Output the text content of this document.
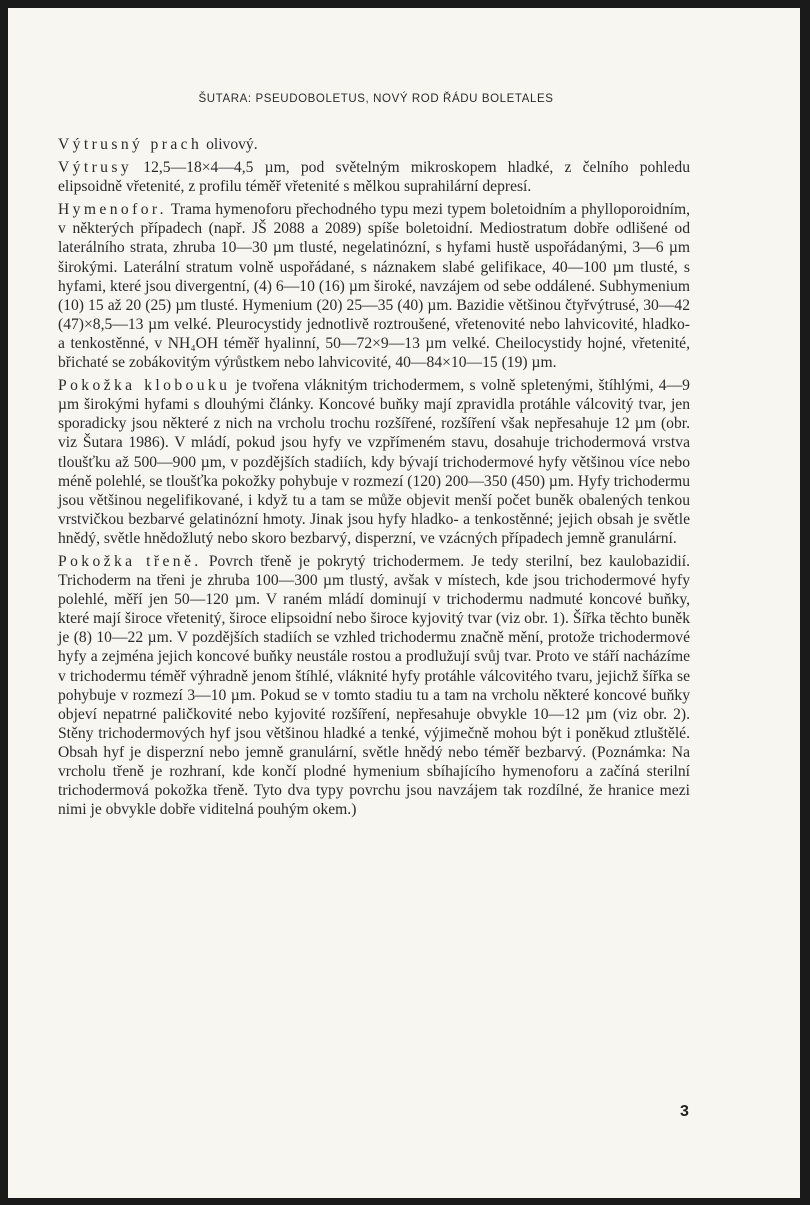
ŠUTARA: PSEUDOBOLETUS, NOVÝ ROD ŘÁDU BOLETALES

Výtrusný prach olivový.

Výtrusy 12,5—18×4—4,5 µm, pod světelným mikroskopem hladké, z čelního pohledu elipsoidně vřetenité, z profilu téměř vřetenité s mělkou suprahilární depresí.

Hymenofor. Trama hymenoforu přechodného typu mezi typem boletoidním a phylloporoidním, v některých případech (např. JŠ 2088 a 2089) spíše boletoidní. Mediostratum dobře odlišené od laterálního strata, zhruba 10—30 µm tlusté, negelatinózní, s hyfami hustě uspořádanými, 3—6 µm širokými. Laterální stratum volně uspořádané, s náznakem slabé gelifikace, 40—100 µm tlusté, s hyfami, které jsou divergentní, (4) 6—10 (16) µm široké, navzájem od sebe oddálené. Subhymenium (10) 15 až 20 (25) µm tlusté. Hymenium (20) 25—35 (40) µm. Bazidie většinou čtyřvýtrusé, 30—42 (47)×8,5—13 µm velké. Pleurocystidy jednotlivě roztroušené, vřetenovité nebo lahvicovité, hladko- a tenkostěnné, v NH₄OH téměř hyalinní, 50—72×9—13 µm velké. Cheilocystidy hojné, vřetenité, břichaté se zobákovitým výrůstkem nebo lahvicovité, 40—84×10—15 (19) µm.

Pokožka klobouku je tvořena vláknitým trichodermem, s volně spletenými, štíhlými, 4—9 µm širokými hyfami s dlouhými články. Koncové buňky mají zpravidla protáhle válcovitý tvar, jen sporadicky jsou některé z nich na vrcholu trochu rozšířené, rozšíření však nepřesahuje 12 µm (obr. viz Šutara 1986). V mládí, pokud jsou hyfy ve vzpřímeném stavu, dosahuje trichodermová vrstva tloušťku až 500—900 µm, v pozdějších stadiích, kdy bývají trichodermové hyfy většinou více nebo méně polehlé, se tloušťka pokožky pohybuje v rozmezí (120) 200—350 (450) µm. Hyfy trichodermu jsou většinou negelifikované, i když tu a tam se může objevit menší počet buněk obalených tenkou vrstvičkou bezbarvé gelatinózní hmoty. Jinak jsou hyfy hladko- a tenkostěnné; jejich obsah je světle hnědý, světle hnědožlutý nebo skoro bezbarvý, disperzní, ve vzácných případech jemně granulární.

Pokožka třeně. Povrch třeně je pokrytý trichodermem. Je tedy sterilní, bez kaulobazidií. Trichoderm na třeni je zhruba 100—300 µm tlustý, avšak v místech, kde jsou trichodermové hyfy polehlé, měří jen 50—120 µm. V raném mládí dominují v trichodermu nadmuté koncové buňky, které mají široce vřetenitý, široce elipsoidní nebo široce kyjovitý tvar (viz obr. 1). Šířka těchto buněk je (8) 10—22 µm. V pozdějších stadiích se vzhled trichodermu značně mění, protože trichodermové hyfy a zejména jejich koncové buňky neustále rostou a prodlužují svůj tvar. Proto ve stáří nacházíme v trichodermu téměř výhradně jenom štíhlé, vláknité hyfy protáhle válcovitého tvaru, jejichž šířka se pohybuje v rozmezí 3—10 µm. Pokud se v tomto stadiu tu a tam na vrcholu některé koncové buňky objeví nepatrné paličkovité nebo kyjovité rozšíření, nepřesahuje obvykle 10—12 µm (viz obr. 2). Stěny trichodermových hyf jsou většinou hladké a tenké, výjimečně mohou být i poněkud ztluštělé. Obsah hyf je disperzní nebo jemně granulární, světle hnědý nebo téměř bezbarvý. (Poznámka: Na vrcholu třeně je rozhraní, kde končí plodné hymenium sbíhajícího hymenoforu a začíná sterilní trichodermová pokožka třeně. Tyto dva typy povrchu jsou navzájem tak rozdílné, že hranice mezi nimi je obvykle dobře viditelná pouhým okem.)

3
